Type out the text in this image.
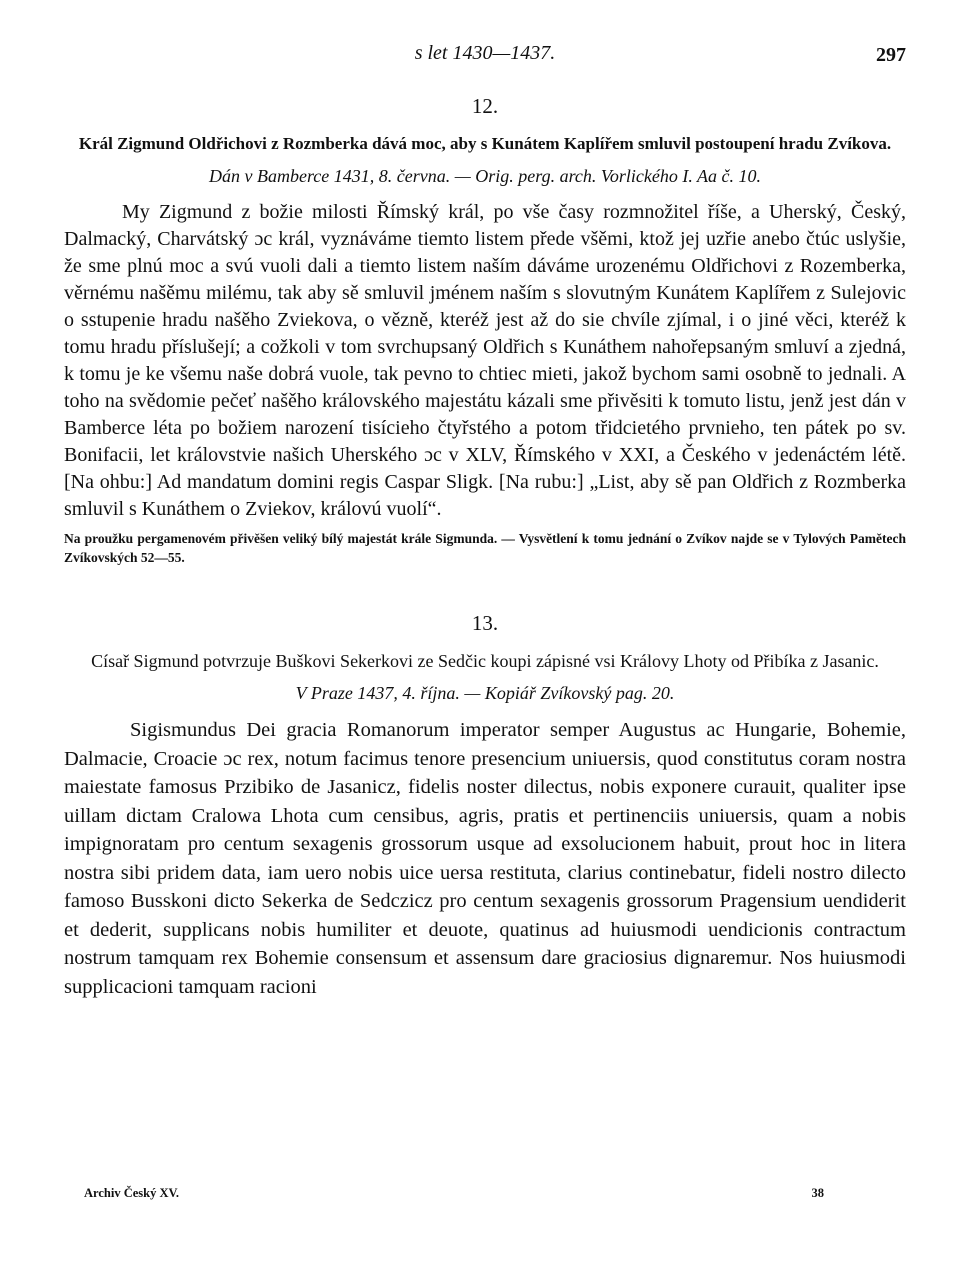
s let 1430—1437.	297
12.
Král Zigmund Oldřichovi z Rozmberka dává moc, aby s Kunátem Kaplířem smluvil postoupení hradu Zvíkova.
Dán v Bamberce 1431, 8. června. — Orig. perg. arch. Vorlického I. Aa č. 10.

My Zigmund z božie milosti Římský král, po vše časy rozmnožitel říše, a Uherský, Český, Dalmacký, Charvátský ɔc král, vyznáváme tiemto listem přede všěmi, ktož jej uzřie anebo čtúc uslyšie, že sme plnú moc a svú vuoli dali a tiemto listem naším dáváme urozenému Oldřichovi z Rozemberka, věrnému našěmu milému, tak aby sě smluvil jménem naším s slovutným Kunátem Kaplířem z Sulejovic o sstupenie hradu našěho Zviekova, o vězně, kteréž jest až do sie chvíle zjímal, i o jiné věci, kteréž k tomu hradu příslušejí; a cožkoli v tom svrchupsaný Oldřich s Kunáthem nahořepsaným smluví a zjedná, k tomu je ke všemu naše dobrá vuole, tak pevno to chtiec mieti, jakož bychom sami osobně to jednali. A toho na svědomie pečeť našěho královského majestátu kázali sme přivěsiti k tomuto listu, jenž jest dán v Bamberce léta po božiem narození tisícieho čtyřstého a potom třidcietého prvnieho, ten pátek po sv. Bonifacii, let královstvie našich Uherského ɔc v XLV, Římského v XXI, a Českého v jedenáctém létě. [Na ohbu:] Ad mandatum domini regis Caspar Sligk. [Na rubu:] „List, aby sě pan Oldřich z Rozmberka smluvil s Kunáthem o Zviekov, královú vuolí“.

Na proužku pergamenovém přivěšen veliký bílý majestát krále Sigmunda. — Vysvětlení k tomu jednání o Zvíkov najde se v Tylových Pamětech Zvíkovských 52—55.

13.
Císař Sigmund potvrzuje Buškovi Sekerkovi ze Sedčic koupi zápisné vsi Královy Lhoty od Přibíka z Jasanic.
V Praze 1437, 4. října. — Kopiář Zvíkovský pag. 20.

Sigismundus Dei gracia Romanorum imperator semper Augustus ac Hungarie, Bohemie, Dalmacie, Croacie ɔc rex, notum facimus tenore presencium uniuersis, quod constitutus coram nostra maiestate famosus Przibiko de Jasanicz, fidelis noster dilectus, nobis exponere curauit, qualiter ipse uillam dictam Cralowa Lhota cum censibus, agris, pratis et pertinenciis uniuersis, quam a nobis impignoratam pro centum sexagenis grossorum usque ad exsolucionem habuit, prout hoc in litera nostra sibi pridem data, iam uero nobis uice uersa restituta, clarius continebatur, fideli nostro dilecto famoso Busskoni dicto Sekerka de Sedczicz pro centum sexagenis grossorum Pragensium uendiderit et dederit, supplicans nobis humiliter et deuote, quatinus ad huiusmodi uendicionis contractum nostrum tamquam rex Bohemie consensum et assensum dare graciosius dignaremur. Nos huiusmodi supplicacioni tamquam racioni

Archiv Český XV.	38
